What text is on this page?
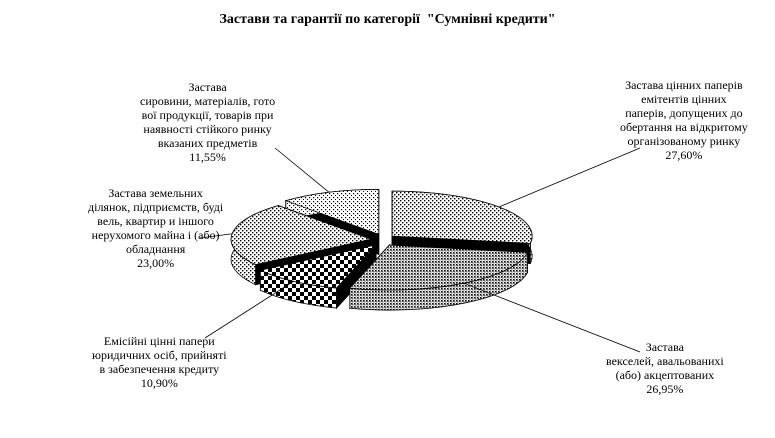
Застави та гарантії по категорії  "Сумнівні кредити"
Застава цінних паперів
емітентів цінних
паперів, допущених до
обертання на відкритому
організованому ринку
27,60%
Застава
векселей, авальованихі
(або) акцептованих
26,95%
Емісійні цінні папери
юридичних осіб, прийняті
в забезпечення кредиту
10,90%
Застава земельних
ділянок, підприємств, буді
вель, квартир и іншого
нерухомого майна і (або)
обладнання
23,00%
Застава
сировини, матеріалів, гото
вої продукції, товарів при
наявності стійкого ринку
вказаних предметів
11,55%
